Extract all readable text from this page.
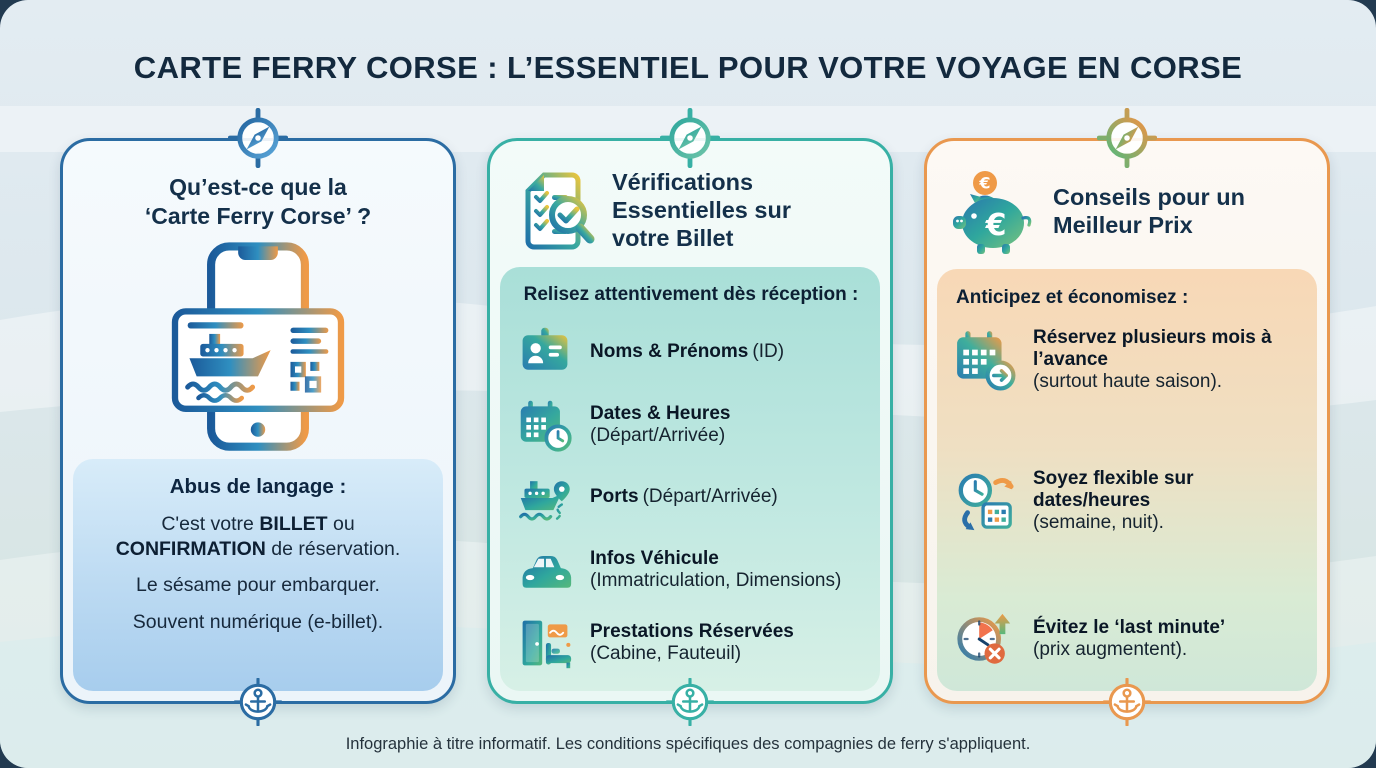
CARTE FERRY CORSE : L’ESSENTIEL POUR VOTRE VOYAGE EN CORSE
Qu’est-ce que la
‘Carte Ferry Corse’ ?
Abus de langage :
C'est votre BILLET ou
CONFIRMATION de réservation.
Le sésame pour embarquer.
Souvent numérique (e-billet).
Vérifications Essentielles sur votre Billet
Relisez attentivement dès réception :
Noms & Prénoms (ID)
Dates & Heures
(Départ/Arrivée)
Ports (Départ/Arrivée)
Infos Véhicule
(Immatriculation, Dimensions)
Prestations Réservées
(Cabine, Fauteuil)
€
€
Conseils pour un Meilleur Prix
Anticipez et économisez :
Réservez plusieurs mois à l’avance
(surtout haute saison).
Soyez flexible sur dates/heures
(semaine, nuit).
Évitez le ‘last minute’
(prix augmentent).
Infographie à titre informatif. Les conditions spécifiques des compagnies de ferry s'appliquent.
